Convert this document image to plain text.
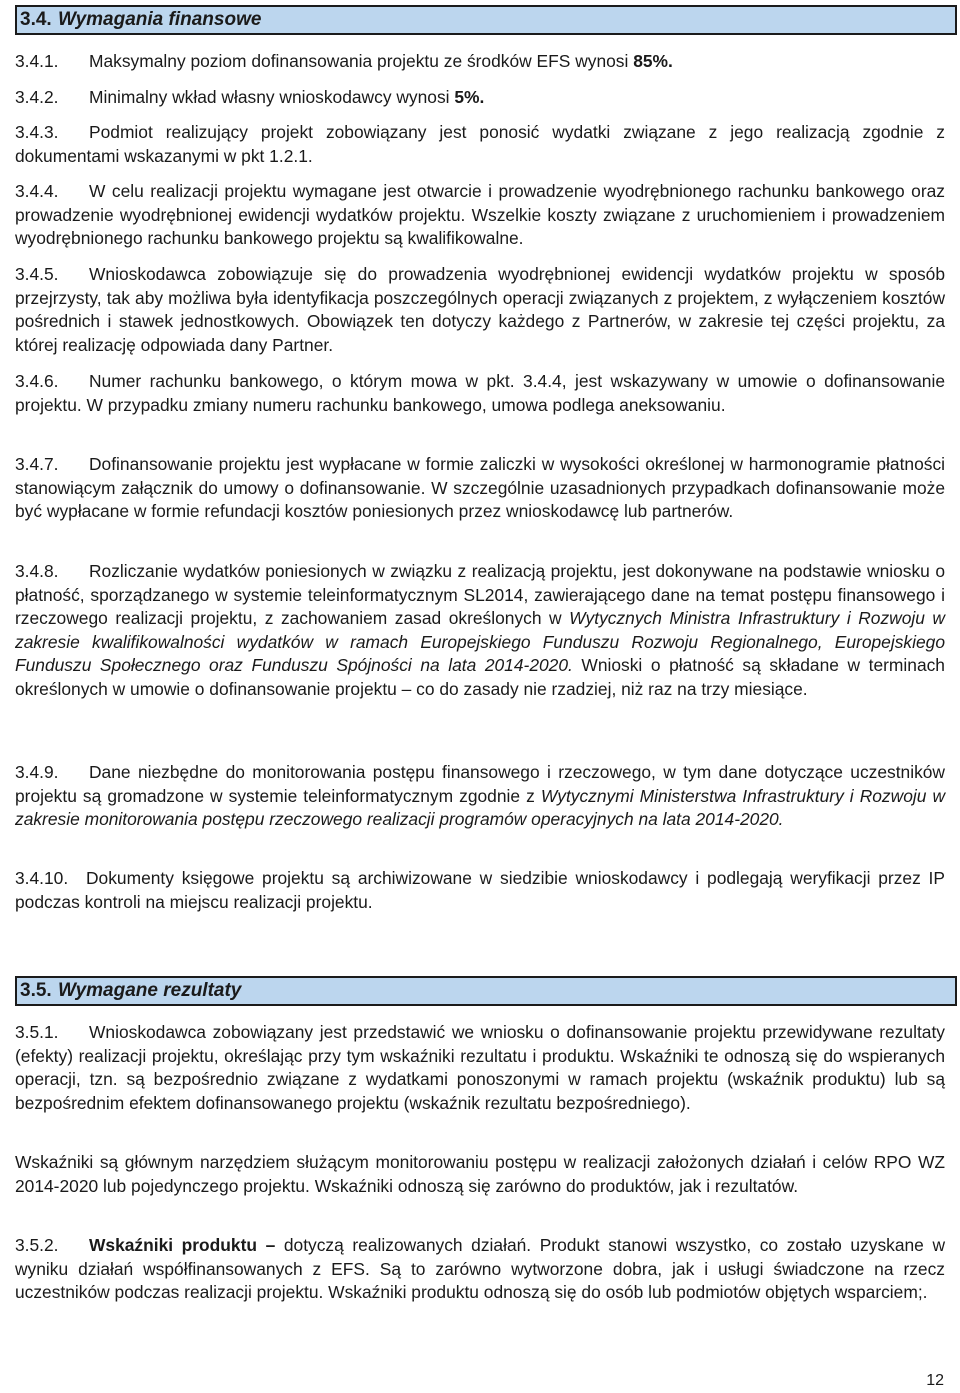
3.4. Wymagania finansowe

3.4.1. Maksymalny poziom dofinansowania projektu ze środków EFS wynosi 85%.

3.4.2. Minimalny wkład własny wnioskodawcy wynosi 5%.

3.4.3. Podmiot realizujący projekt zobowiązany jest ponosić wydatki związane z jego realizacją zgodnie z dokumentami wskazanymi w pkt 1.2.1.

3.4.4. W celu realizacji projektu wymagane jest otwarcie i prowadzenie wyodrębnionego rachunku bankowego oraz prowadzenie wyodrębnionej ewidencji wydatków projektu. Wszelkie koszty związane z uruchomieniem i prowadzeniem wyodrębnionego rachunku bankowego projektu są kwalifikowalne.

3.4.5. Wnioskodawca zobowiązuje się do prowadzenia wyodrębnionej ewidencji wydatków projektu w sposób przejrzysty, tak aby możliwa była identyfikacja poszczególnych operacji związanych z projektem, z wyłączeniem kosztów pośrednich i stawek jednostkowych. Obowiązek ten dotyczy każdego z Partnerów, w zakresie tej części projektu, za której realizację odpowiada dany Partner.

3.4.6. Numer rachunku bankowego, o którym mowa w pkt. 3.4.4, jest wskazywany w umowie o dofinansowanie projektu. W przypadku zmiany numeru rachunku bankowego, umowa podlega aneksowaniu.

3.4.7. Dofinansowanie projektu jest wypłacane w formie zaliczki w wysokości określonej w harmonogramie płatności stanowiącym załącznik do umowy o dofinansowanie. W szczególnie uzasadnionych przypadkach dofinansowanie może być wypłacane w formie refundacji kosztów poniesionych przez wnioskodawcę lub partnerów.

3.4.8. Rozliczanie wydatków poniesionych w związku z realizacją projektu, jest dokonywane na podstawie wniosku o płatność, sporządzanego w systemie teleinformatycznym SL2014, zawierającego dane na temat postępu finansowego i rzeczowego realizacji projektu, z zachowaniem zasad określonych w Wytycznych Ministra Infrastruktury i Rozwoju w zakresie kwalifikowalności wydatków w ramach Europejskiego Funduszu Rozwoju Regionalnego, Europejskiego Funduszu Społecznego oraz Funduszu Spójności na lata 2014-2020. Wnioski o płatność są składane w terminach określonych w umowie o dofinansowanie projektu – co do zasady nie rzadziej, niż raz na trzy miesiące.

3.4.9. Dane niezbędne do monitorowania postępu finansowego i rzeczowego, w tym dane dotyczące uczestników projektu są gromadzone w systemie teleinformatycznym zgodnie z Wytycznymi Ministerstwa Infrastruktury i Rozwoju w zakresie monitorowania postępu rzeczowego realizacji programów operacyjnych na lata 2014-2020.

3.4.10. Dokumenty księgowe projektu są archiwizowane w siedzibie wnioskodawcy i podlegają weryfikacji przez IP podczas kontroli na miejscu realizacji projektu.

3.5. Wymagane rezultaty

3.5.1. Wnioskodawca zobowiązany jest przedstawić we wniosku o dofinansowanie projektu przewidywane rezultaty (efekty) realizacji projektu, określając przy tym wskaźniki rezultatu i produktu. Wskaźniki te odnoszą się do wspieranych operacji, tzn. są bezpośrednio związane z wydatkami ponoszonymi w ramach projektu (wskaźnik produktu) lub są bezpośrednim efektem dofinansowanego projektu (wskaźnik rezultatu bezpośredniego).

Wskaźniki są głównym narzędziem służącym monitorowaniu postępu w realizacji założonych działań i celów RPO WZ 2014-2020 lub pojedynczego projektu. Wskaźniki odnoszą się zarówno do produktów, jak i rezultatów.

3.5.2. Wskaźniki produktu – dotyczą realizowanych działań. Produkt stanowi wszystko, co zostało uzyskane w wyniku działań współfinansowanych z EFS. Są to zarówno wytworzone dobra, jak i usługi świadczone na rzecz uczestników podczas realizacji projektu. Wskaźniki produktu odnoszą się do osób lub podmiotów objętych wsparciem;.

12
